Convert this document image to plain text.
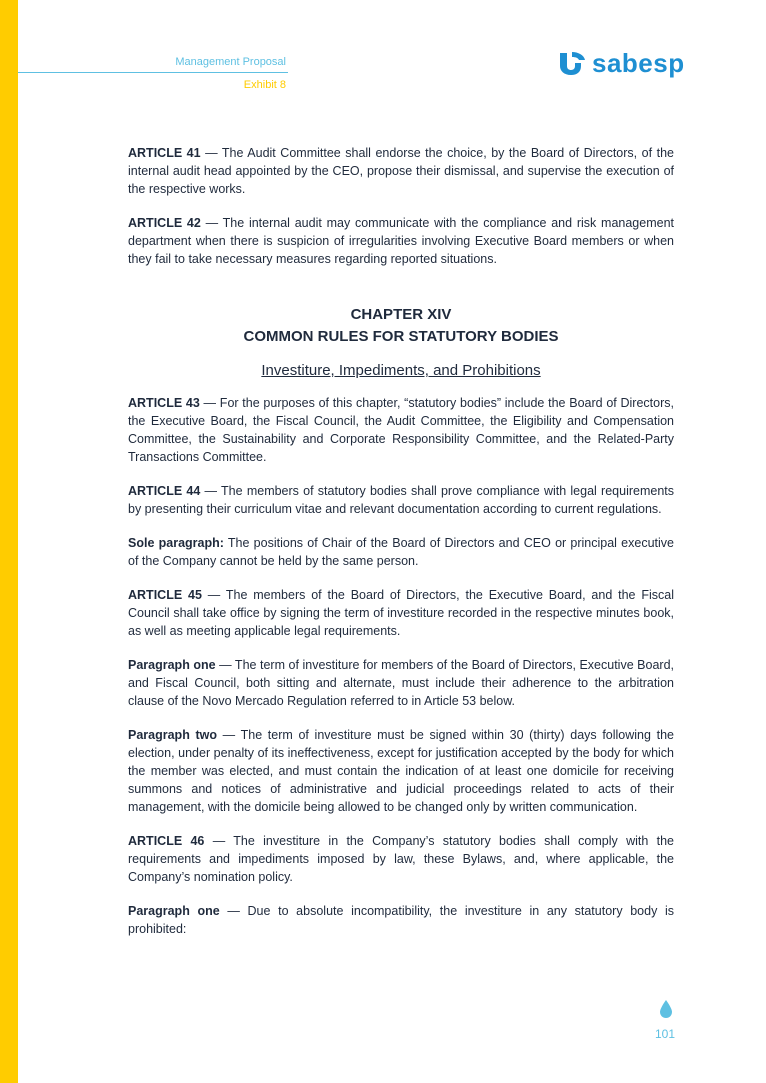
Management Proposal
Exhibit 8
sabesp

ARTICLE 41 — The Audit Committee shall endorse the choice, by the Board of Directors, of the internal audit head appointed by the CEO, propose their dismissal, and supervise the execution of the respective works.

ARTICLE 42 — The internal audit may communicate with the compliance and risk management department when there is suspicion of irregularities involving Executive Board members or when they fail to take necessary measures regarding reported situations.

CHAPTER XIV
COMMON RULES FOR STATUTORY BODIES
Investiture, Impediments, and Prohibitions

ARTICLE 43 — For the purposes of this chapter, “statutory bodies” include the Board of Directors, the Executive Board, the Fiscal Council, the Audit Committee, the Eligibility and Compensation Committee, the Sustainability and Corporate Responsibility Committee, and the Related-Party Transactions Committee.

ARTICLE 44 — The members of statutory bodies shall prove compliance with legal requirements by presenting their curriculum vitae and relevant documentation according to current regulations.

Sole paragraph: The positions of Chair of the Board of Directors and CEO or principal executive of the Company cannot be held by the same person.

ARTICLE 45 — The members of the Board of Directors, the Executive Board, and the Fiscal Council shall take office by signing the term of investiture recorded in the respective minutes book, as well as meeting applicable legal requirements.

Paragraph one — The term of investiture for members of the Board of Directors, Executive Board, and Fiscal Council, both sitting and alternate, must include their adherence to the arbitration clause of the Novo Mercado Regulation referred to in Article 53 below.

Paragraph two — The term of investiture must be signed within 30 (thirty) days following the election, under penalty of its ineffectiveness, except for justification accepted by the body for which the member was elected, and must contain the indication of at least one domicile for receiving summons and notices of administrative and judicial proceedings related to acts of their management, with the domicile being allowed to be changed only by written communication.

ARTICLE 46 — The investiture in the Company’s statutory bodies shall comply with the requirements and impediments imposed by law, these Bylaws, and, where applicable, the Company’s nomination policy.

Paragraph one — Due to absolute incompatibility, the investiture in any statutory body is prohibited:

101
